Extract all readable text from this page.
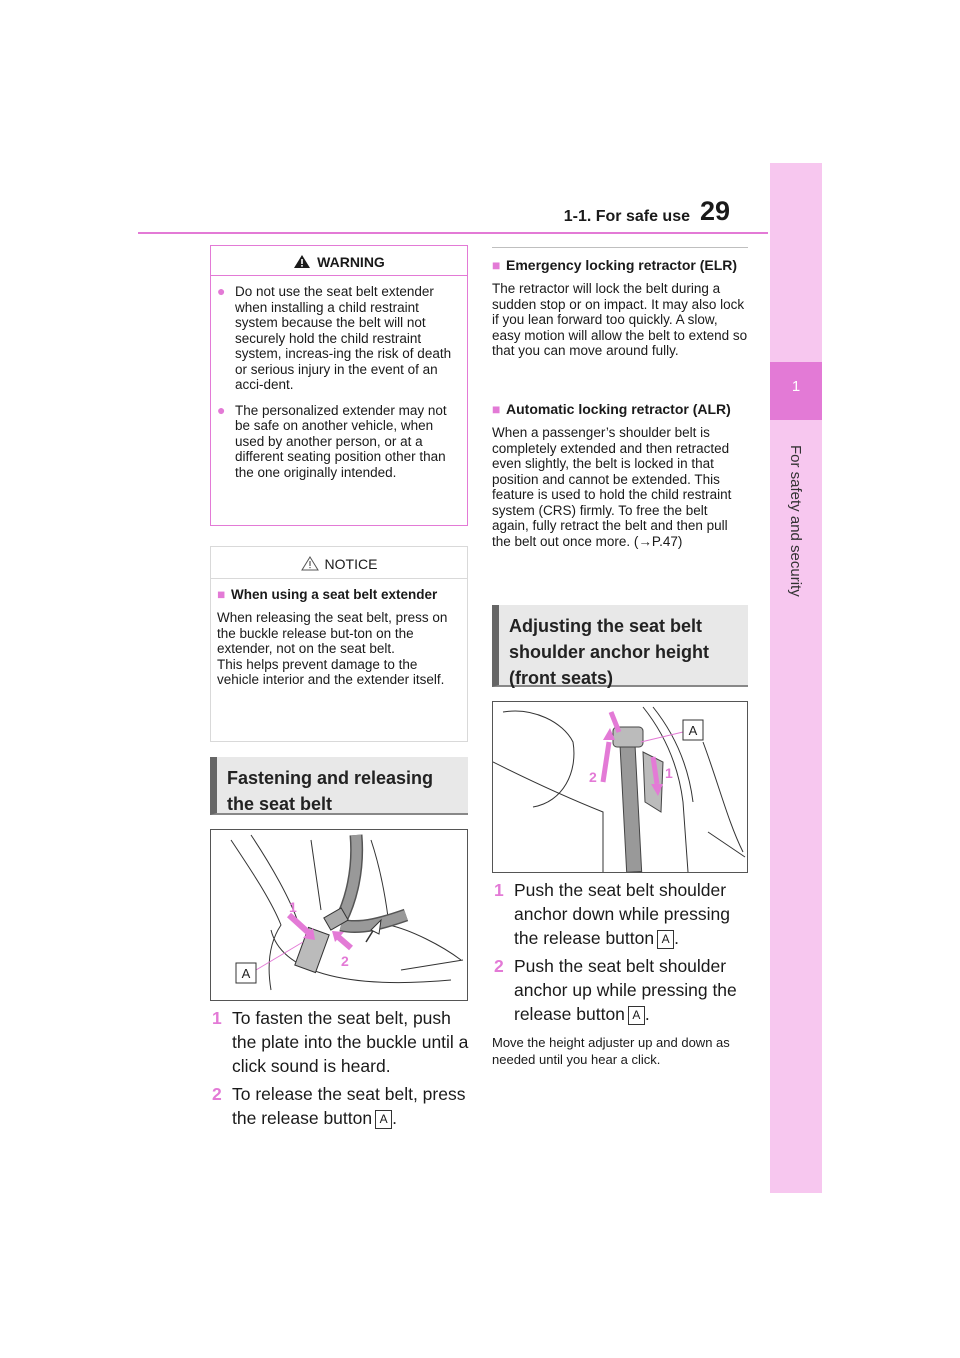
1-1. For safe use 29
1
For safety and security
WARNING
● Do not use the seat belt extender when installing a child restraint system because the belt will not securely hold the child restraint system, increas-ing the risk of death or serious injury in the event of an acci-dent.
● The personalized extender may not be safe on another vehicle, when used by another person, or at a different seating position other than the one originally intended.
NOTICE
■ When using a seat belt extender
When releasing the seat belt, press on the buckle release but-ton on the extender, not on the seat belt.
This helps prevent damage to the vehicle interior and the extender itself.
Fastening and releasing the seat belt
A
1
2
1 To fasten the seat belt, push the plate into the buckle until a click sound is heard.
2 To release the seat belt, press the release button A .
■ Emergency locking retractor (ELR)
The retractor will lock the belt during a sudden stop or on impact. It may also lock if you lean forward too quickly. A slow, easy motion will allow the belt to extend so that you can move around fully.
■ Automatic locking retractor (ALR)
When a passenger’s shoulder belt is completely extended and then retracted even slightly, the belt is locked in that position and cannot be extended. This feature is used to hold the child restraint system (CRS) firmly. To free the belt again, fully retract the belt and then pull the belt out once more. (→P.47)
Adjusting the seat belt shoulder anchor height (front seats)
A
2	1
1 Push the seat belt shoulder anchor down while pressing the release button A .
2 Push the seat belt shoulder anchor up while pressing the release button A .
Move the height adjuster up and down as needed until you hear a click.
